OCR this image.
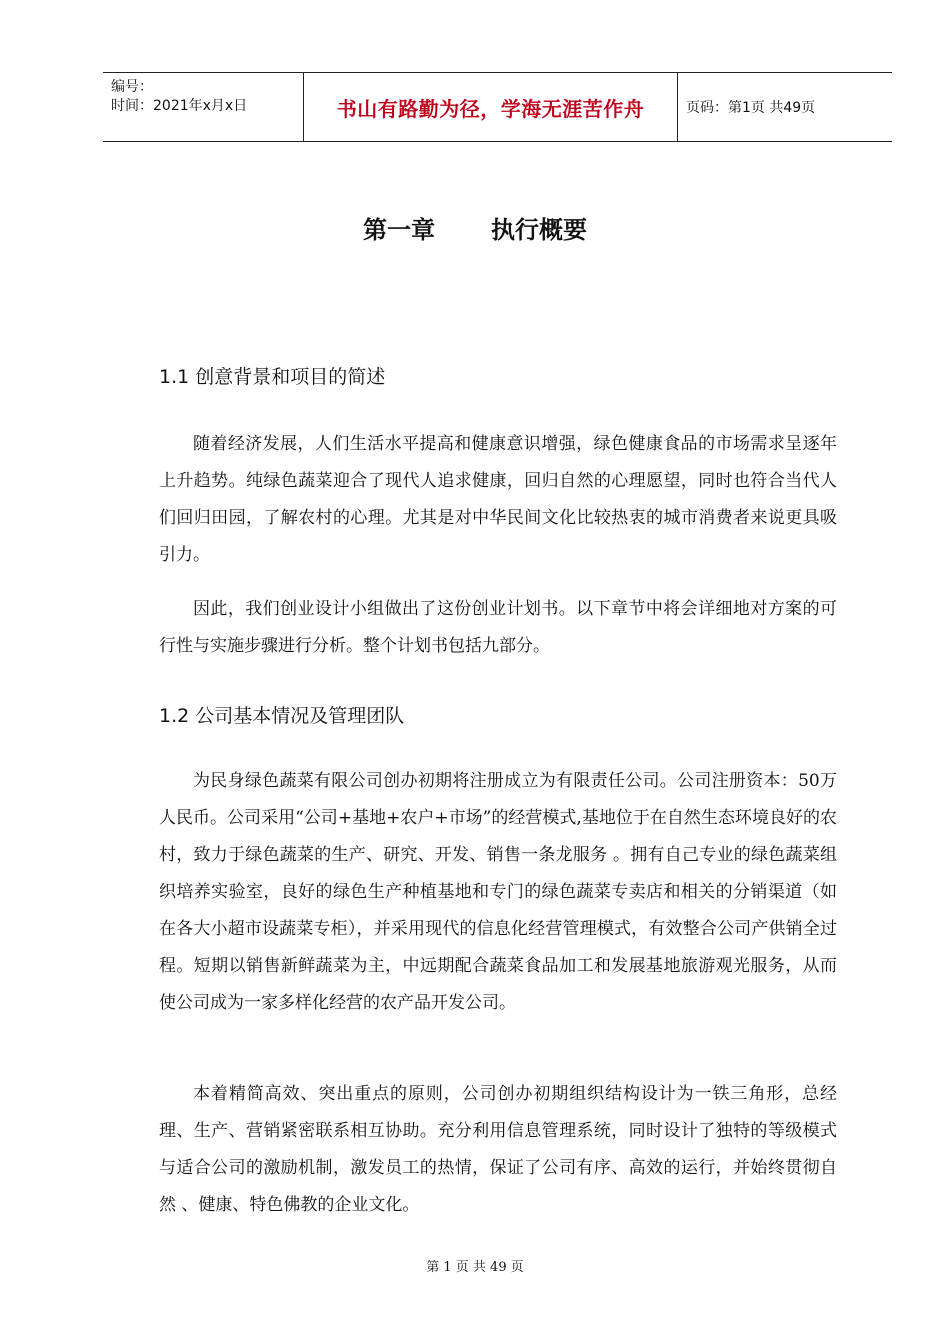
编号：
时间：2021年x月x日	书山有路勤为径，学海无涯苦作舟	页码：第1页 共49页
第一章 执行概要
1.1 创意背景和项目的简述

随着经济发展，人们生活水平提高和健康意识增强，绿色健康食品的市场需求呈逐年上升趋势。纯绿色蔬菜迎合了现代人追求健康，回归自然的心理愿望，同时也符合当代人们回归田园，了解农村的心理。尤其是对中华民间文化比较热衷的城市消费者来说更具吸引力。

因此，我们创业设计小组做出了这份创业计划书。以下章节中将会详细地对方案的可行性与实施步骤进行分析。整个计划书包括九部分。

1.2 公司基本情况及管理团队

为民身绿色蔬菜有限公司创办初期将注册成立为有限责任公司。公司注册资本：50万人民币。公司采用“公司+基地+农户+市场”的经营模式,基地位于在自然生态环境良好的农村，致力于绿色蔬菜的生产、研究、开发、销售一条龙服务 。拥有自己专业的绿色蔬菜组织培养实验室，良好的绿色生产种植基地和专门的绿色蔬菜专卖店和相关的分销渠道（如在各大小超市设蔬菜专柜），并采用现代的信息化经营管理模式，有效整合公司产供销全过程。短期以销售新鲜蔬菜为主，中远期配合蔬菜食品加工和发展基地旅游观光服务，从而使公司成为一家多样化经营的农产品开发公司。

本着精简高效、突出重点的原则，公司创办初期组织结构设计为一铁三角形，总经理、生产、营销紧密联系相互协助。充分利用信息管理系统，同时设计了独特的等级模式与适合公司的激励机制，激发员工的热情，保证了公司有序、高效的运行，并始终贯彻自然 、健康、特色佛教的企业文化。

第 1 页 共 49 页
